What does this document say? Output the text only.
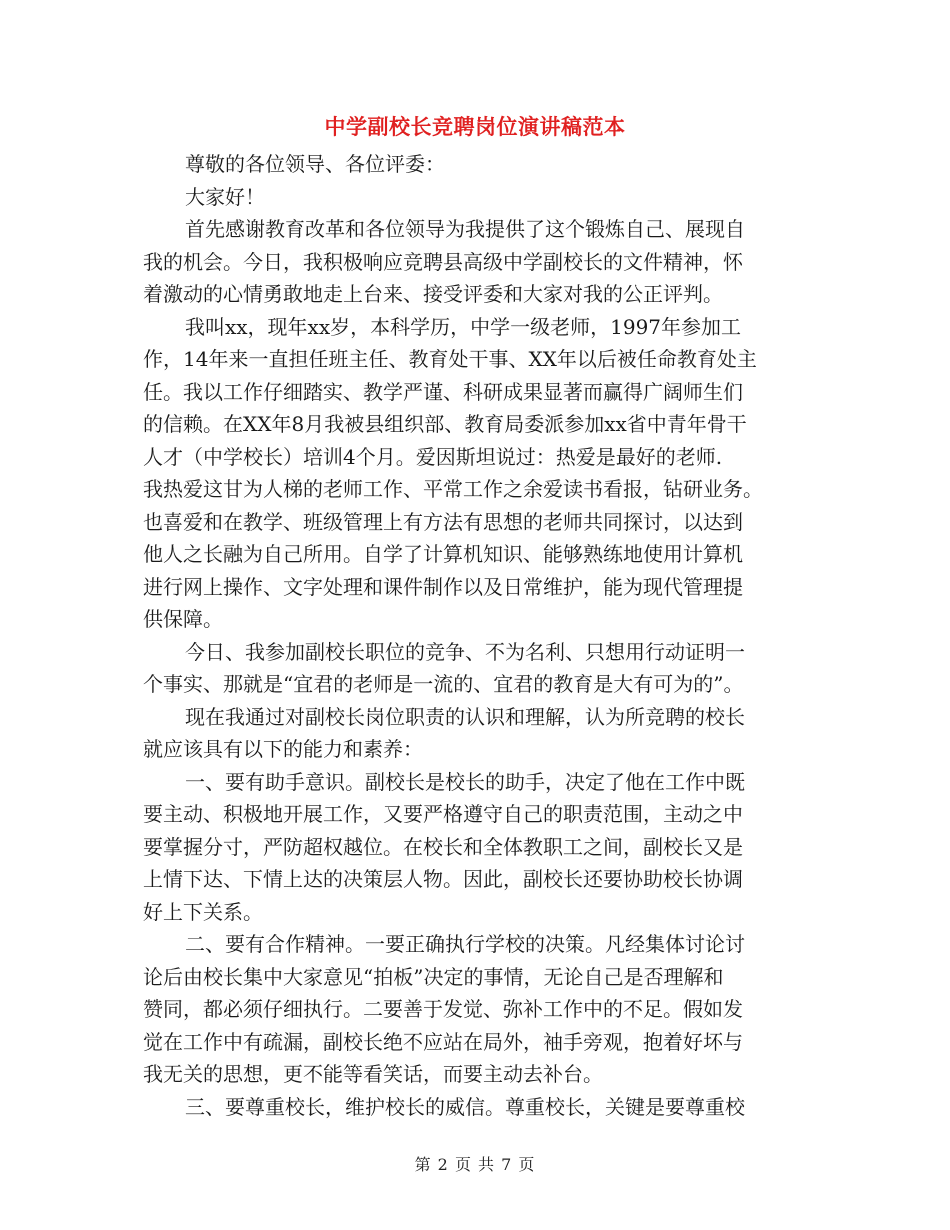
中学副校长竞聘岗位演讲稿范本
尊敬的各位领导、各位评委：
大家好！
首先感谢教育改革和各位领导为我提供了这个锻炼自己、展现自
我的机会。今日，我积极响应竞聘县高级中学副校长的文件精神，怀
着激动的心情勇敢地走上台来、接受评委和大家对我的公正评判。
我叫xx，现年xx岁，本科学历，中学一级老师，1997年参加工
作，14年来一直担任班主任、教育处干事、XX年以后被任命教育处主
任。我以工作仔细踏实、教学严谨、科研成果显著而赢得广阔师生们
的信赖。在XX年8月我被县组织部、教育局委派参加xx省中青年骨干
人才（中学校长）培训4个月。爱因斯坦说过：热爱是最好的老师.
我热爱这甘为人梯的老师工作、平常工作之余爱读书看报，钻研业务。
也喜爱和在教学、班级管理上有方法有思想的老师共同探讨，以达到
他人之长融为自己所用。自学了计算机知识、能够熟练地使用计算机
进行网上操作、文字处理和课件制作以及日常维护，能为现代管理提
供保障。
今日、我参加副校长职位的竞争、不为名利、只想用行动证明一
个事实、那就是“宜君的老师是一流的、宜君的教育是大有可为的”。
现在我通过对副校长岗位职责的认识和理解，认为所竞聘的校长
就应该具有以下的能力和素养：
一、要有助手意识。副校长是校长的助手，决定了他在工作中既
要主动、积极地开展工作，又要严格遵守自己的职责范围，主动之中
要掌握分寸，严防超权越位。在校长和全体教职工之间，副校长又是
上情下达、下情上达的决策层人物。因此，副校长还要协助校长协调
好上下关系。
二、要有合作精神。一要正确执行学校的决策。凡经集体讨论讨
论后由校长集中大家意见“拍板”决定的事情，无论自己是否理解和
赞同，都必须仔细执行。二要善于发觉、弥补工作中的不足。假如发
觉在工作中有疏漏，副校长绝不应站在局外，袖手旁观，抱着好坏与
我无关的思想，更不能等看笑话，而要主动去补台。
三、要尊重校长，维护校长的威信。尊重校长，关键是要尊重校
第 2 页 共 7 页
